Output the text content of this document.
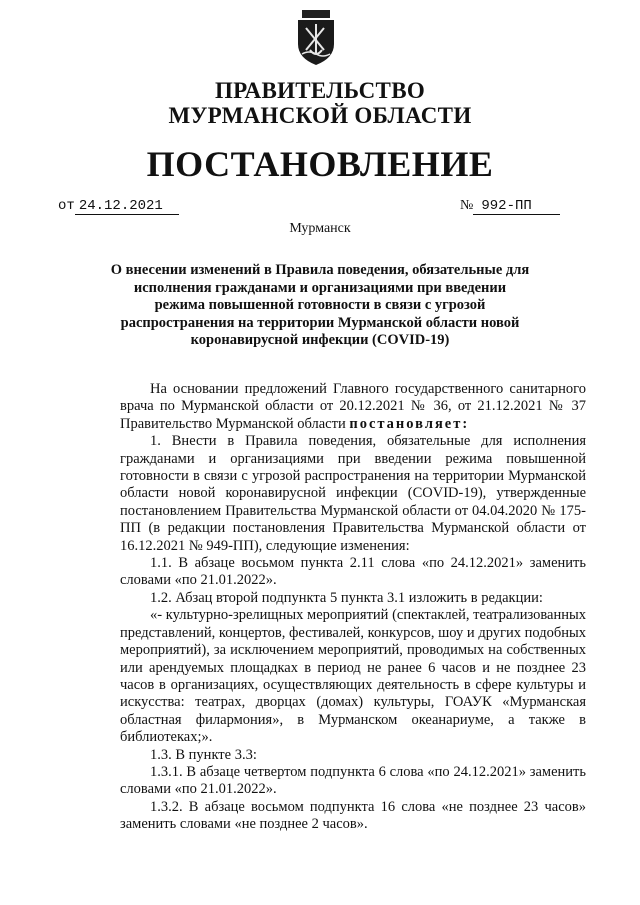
ПРАВИТЕЛЬСТВО
МУРМАНСКОЙ ОБЛАСТИ
ПОСТАНОВЛЕНИЕ
от 24.12.2021	№ 992-ПП
Мурманск
О внесении изменений в Правила поведения, обязательные для исполнения гражданами и организациями при введении режима повышенной готовности в связи с угрозой распространения на территории Мурманской области новой коронавирусной инфекции (COVID-19)

На основании предложений Главного государственного санитарного врача по Мурманской области от 20.12.2021 № 36, от 21.12.2021 № 37 Правительство Мурманской области постановляет:

1. Внести в Правила поведения, обязательные для исполнения гражданами и организациями при введении режима повышенной готовности в связи с угрозой распространения на территории Мурманской области новой коронавирусной инфекции (COVID-19), утвержденные постановлением Правительства Мурманской области от 04.04.2020 № 175-ПП (в редакции постановления Правительства Мурманской области от 16.12.2021 № 949-ПП), следующие изменения:

1.1. В абзаце восьмом пункта 2.11 слова «по 24.12.2021» заменить словами «по 21.01.2022».

1.2. Абзац второй подпункта 5 пункта 3.1 изложить в редакции:

«- культурно-зрелищных мероприятий (спектаклей, театрализованных представлений, концертов, фестивалей, конкурсов, шоу и других подобных мероприятий), за исключением мероприятий, проводимых на собственных или арендуемых площадках в период не ранее 6 часов и не позднее 23 часов в организациях, осуществляющих деятельность в сфере культуры и искусства: театрах, дворцах (домах) культуры, ГОАУК «Мурманская областная филармония», в Мурманском океанариуме, а также в библиотеках;».

1.3. В пункте 3.3:

1.3.1. В абзаце четвертом подпункта 6 слова «по 24.12.2021» заменить словами «по 21.01.2022».

1.3.2. В абзаце восьмом подпункта 16 слова «не позднее 23 часов» заменить словами «не позднее 2 часов».
